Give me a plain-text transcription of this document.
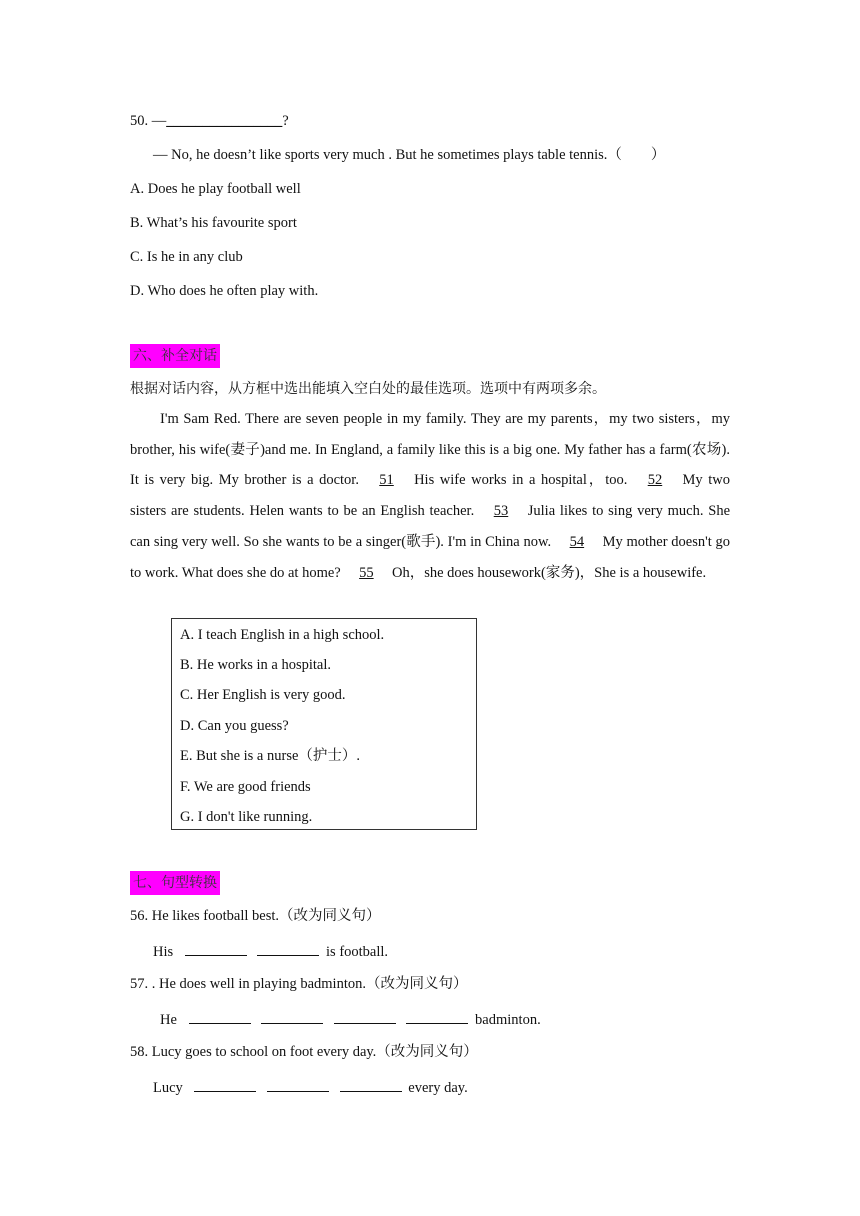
50. —________________?
— No, he doesn’t like sports very much . But he sometimes plays table tennis.（　　）
A. Does he play football well
B. What’s his favourite sport
C. Is he in any club
D. Who does he often play with.
六、补全对话
根据对话内容，从方框中选出能填入空白处的最佳选项。选项中有两项多余。
I'm Sam Red. There are seven people in my family. They are my parents，my two sisters，my brother, his wife(妻子)and me. In England, a family like this is a big one. My father has a farm(农场). It is very big. My brother is a doctor. 51 His wife works in a hospital，too. 52 My two sisters are students. Helen wants to be an English teacher. 53 Julia likes to sing very much. She can sing very well. So she wants to be a singer(歌手). I'm in China now. 54 My mother doesn't go to work. What does she do at home? 55 Oh，she does housework(家务)，She is a housewife.
A. I teach English in a high school.
B. He works in a hospital.
C. Her English is very good.
D. Can you guess?
E. But she is a nurse（护士）.
F. We are good friends
G. I don't like running.
七、句型转换
56. He likes football best.（改为同义句）
His	is football.
57. . He does well in playing badminton.（改为同义句）
He	badminton.
58. Lucy goes to school on foot every day.（改为同义句）
Lucy	every day.
